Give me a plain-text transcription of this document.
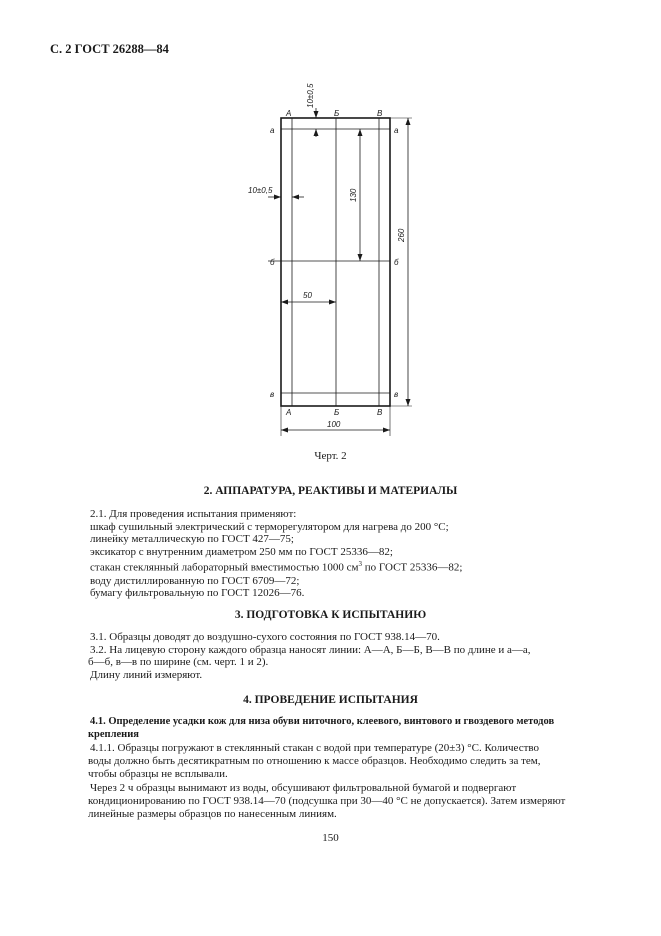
С. 2 ГОСТ 26288—84
10±0,5
10±0,5	130
260
50
100
А	Б	В
А	Б	В
а
б
в
а
б
в
Черт. 2
2. АППАРАТУРА, РЕАКТИВЫ И МАТЕРИАЛЫ
2.1. Для проведения испытания применяют:
шкаф сушильный электрический с терморегулятором для нагрева до 200 °С;
линейку металлическую по ГОСТ 427—75;
эксикатор с внутренним диаметром 250 мм по ГОСТ 25336—82;
стакан стеклянный лабораторный вместимостью 1000 $см^3$ по ГОСТ 25336—82;
воду дистиллированную по ГОСТ 6709—72;
бумагу фильтровальную по ГОСТ 12026—76.
3. ПОДГОТОВКА К ИСПЫТАНИЮ
3.1. Образцы доводят до воздушно-сухого состояния по ГОСТ 938.14—70.
3.2. На лицевую сторону каждого образца наносят линии: А—А, Б—Б, В—В по длине и а—а,
б—б, в—в по ширине (см. черт. 1 и 2).
Длину линий измеряют.
4. ПРОВЕДЕНИЕ ИСПЫТАНИЯ
4.1. Определение усадки кож для низа обуви ниточного, клеевого, винтового и гвоздевого методов
крепления
4.1.1. Образцы погружают в стеклянный стакан с водой при температуре (20±3) °С. Количество
воды должно быть десятикратным по отношению к массе образцов. Необходимо следить за тем,
чтобы образцы не всплывали.
Через 2 ч образцы вынимают из воды, обсушивают фильтровальной бумагой и подвергают
кондиционированию по ГОСТ 938.14—70 (подсушка при 30—40 °С не допускается). Затем измеряют
линейные размеры образцов по нанесенным линиям.
150
